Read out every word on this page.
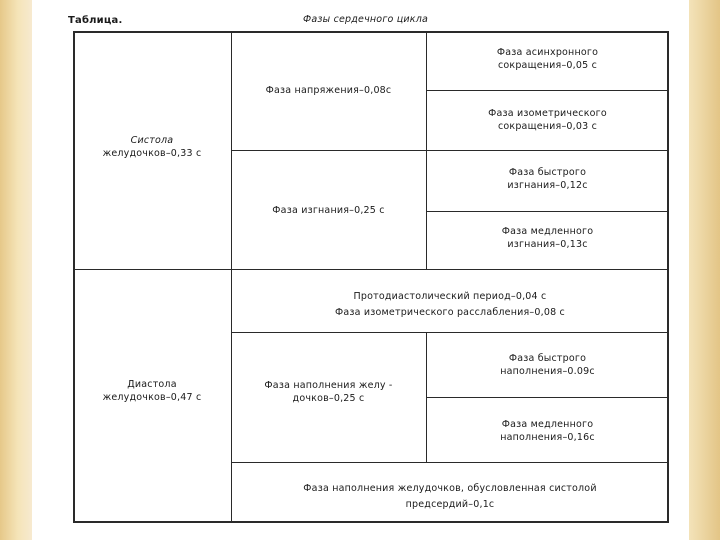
Таблица.	Фазы сердечного цикла
Систола
желудочков–0,33 с
Фаза напряжения–0,08с
Фаза асинхронного
сокращения–0,05 с
Фаза изометрического
сокращения–0,03 с
Фаза изгнания–0,25 с
Фаза быстрого
изгнания–0,12с
Фаза медленного
изгнания–0,13с
Диастола
желудочков–0,47 с
Протодиастолический период–0,04 с
Фаза изометрического расслабления–0,08 с
Фаза наполнения желу -
дочков–0,25 с
Фаза быстрого
наполнения–0.09с
Фаза медленного
наполнения–0,16с
Фаза наполнения желудочков, обусловленная систолой
предсердий–0,1с
